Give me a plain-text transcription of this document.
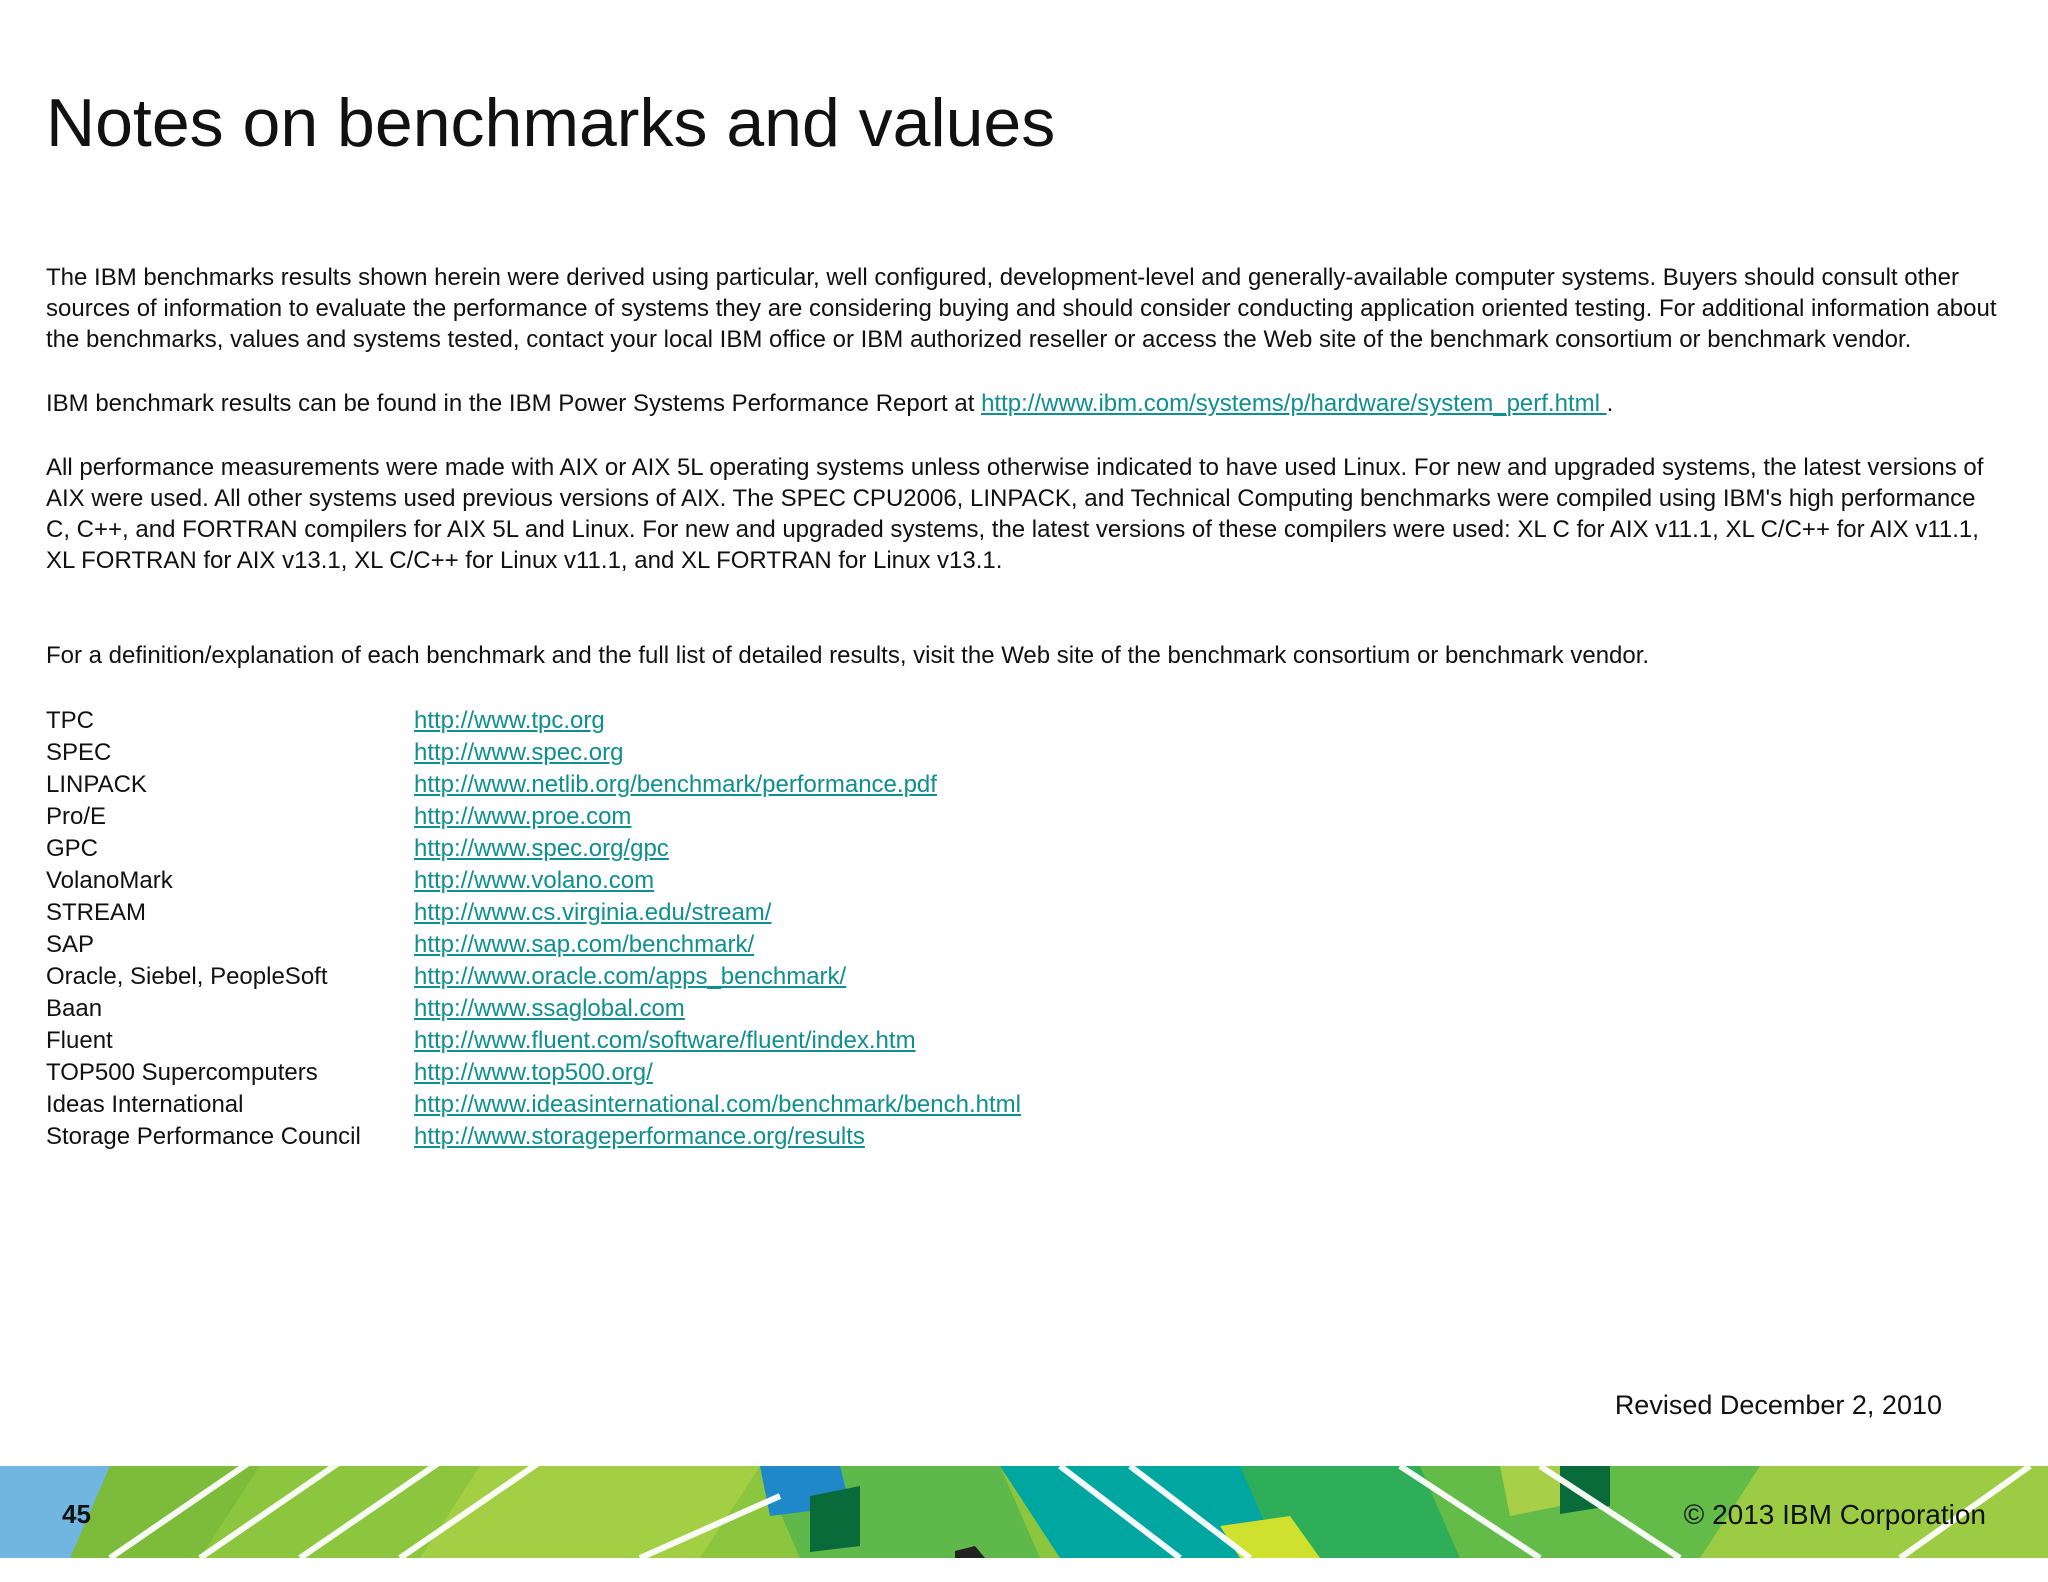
Notes on benchmarks and values

The IBM benchmarks results shown herein were derived using particular, well configured, development-level and generally-available computer systems. Buyers should consult other sources of information to evaluate the performance of systems they are considering buying and should consider conducting application oriented testing. For additional information about the benchmarks, values and systems tested, contact your local IBM office or IBM authorized reseller or access the Web site of the benchmark consortium or benchmark vendor.

IBM benchmark results can be found in the IBM Power Systems Performance Report at http://www.ibm.com/systems/p/hardware/system_perf.html .

All performance measurements were made with AIX or AIX 5L operating systems unless otherwise indicated to have used Linux. For new and upgraded systems, the latest versions of AIX were used. All other systems used previous versions of AIX. The SPEC CPU2006, LINPACK, and Technical Computing benchmarks were compiled using IBM's high performance C, C++, and FORTRAN compilers for AIX 5L and Linux. For new and upgraded systems, the latest versions of these compilers were used: XL C for AIX v11.1, XL C/C++ for AIX v11.1, XL FORTRAN for AIX v13.1, XL C/C++ for Linux v11.1, and XL FORTRAN for Linux v13.1.

For a definition/explanation of each benchmark and the full list of detailed results, visit the Web site of the benchmark consortium or benchmark vendor.

TPC	http://www.tpc.org
SPEC	http://www.spec.org
LINPACK	http://www.netlib.org/benchmark/performance.pdf
Pro/E	http://www.proe.com
GPC	http://www.spec.org/gpc
VolanoMark	http://www.volano.com
STREAM	http://www.cs.virginia.edu/stream/
SAP	http://www.sap.com/benchmark/
Oracle, Siebel, PeopleSoft	http://www.oracle.com/apps_benchmark/
Baan	http://www.ssaglobal.com
Fluent	http://www.fluent.com/software/fluent/index.htm
TOP500 Supercomputers	http://www.top500.org/
Ideas International	http://www.ideasinternational.com/benchmark/bench.html
Storage Performance Council	http://www.storageperformance.org/results
Revised December 2, 2010
45	© 2013 IBM Corporation
